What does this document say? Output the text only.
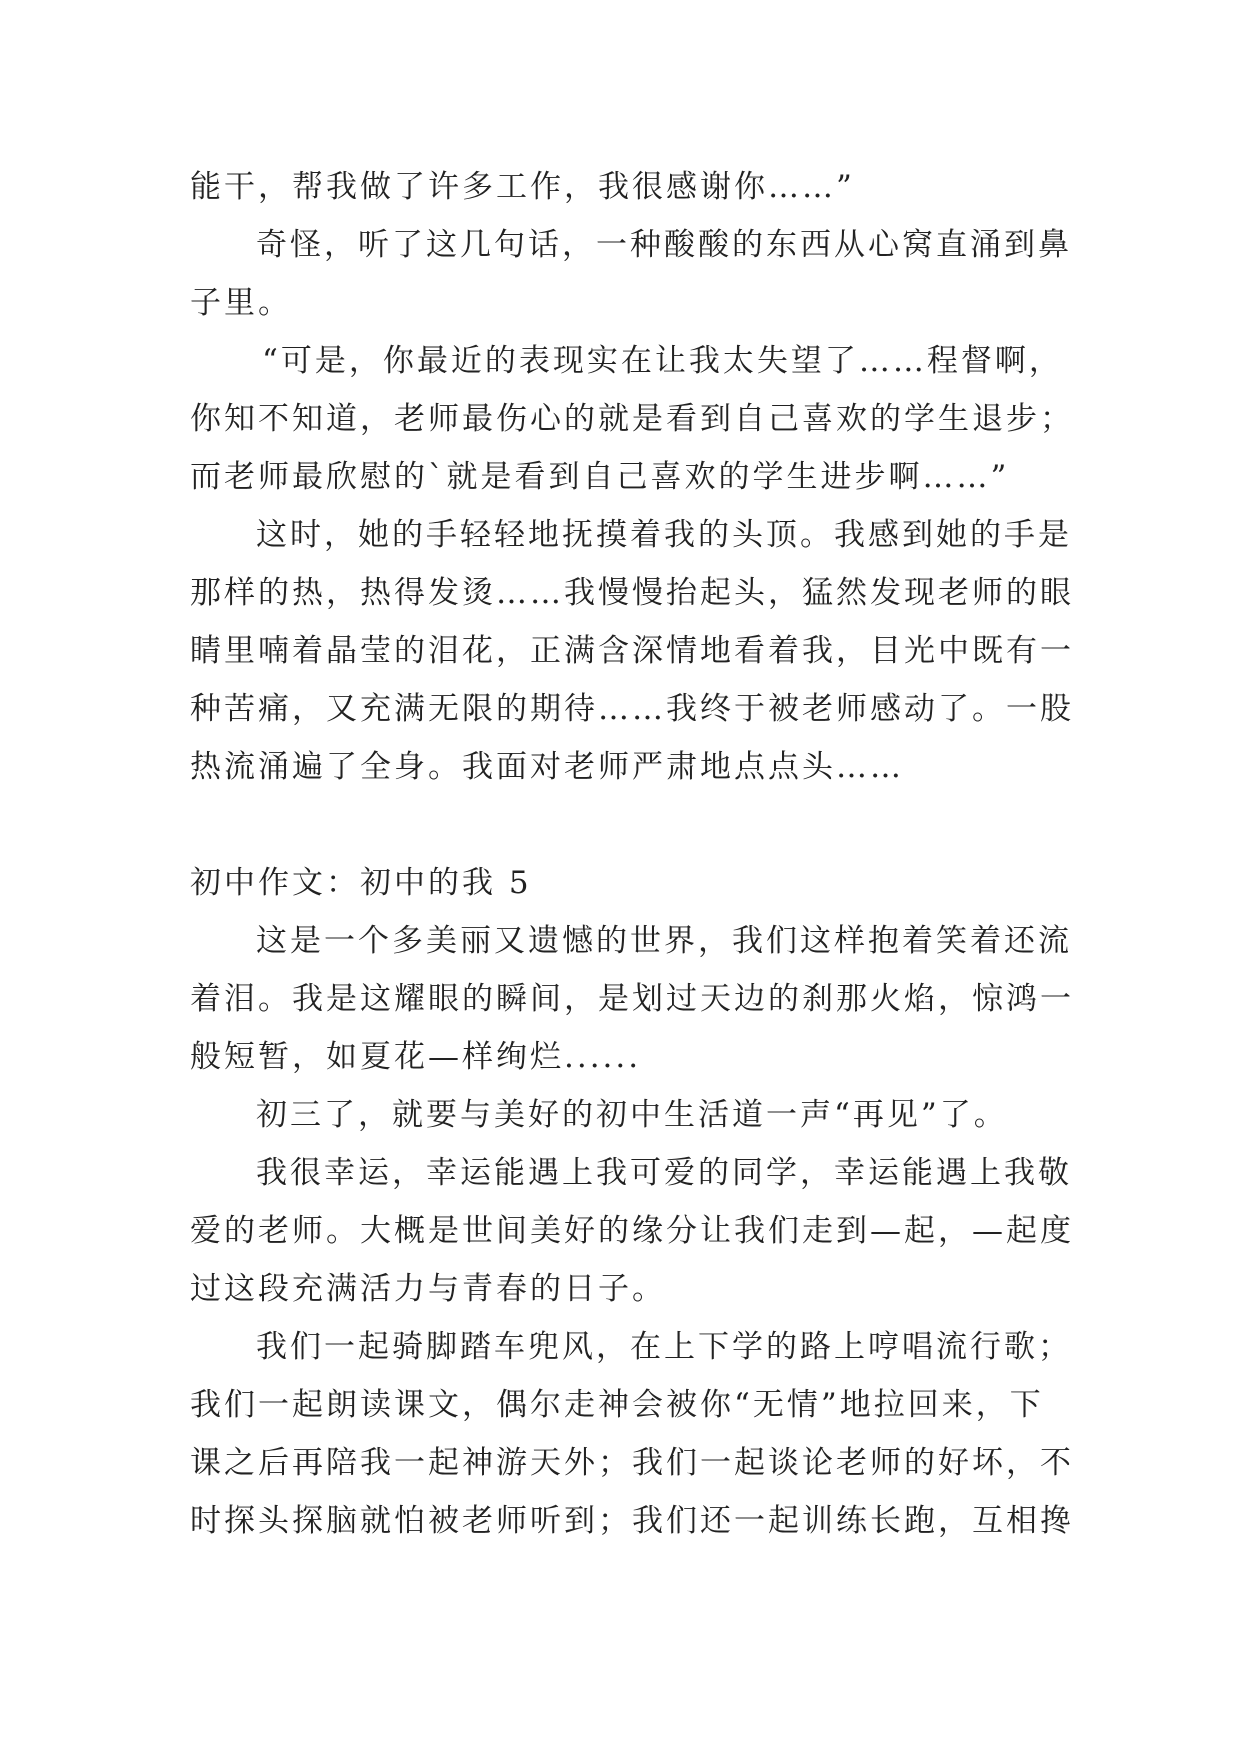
能干，帮我做了许多工作，我很感谢你……”
奇怪，听了这几句话，一种酸酸的东西从心窝直涌到鼻
子里。
“可是，你最近的表现实在让我太失望了……程督啊，
你知不知道，老师最伤心的就是看到自己喜欢的学生退步；
而老师最欣慰的`就是看到自己喜欢的学生进步啊……”
这时，她的手轻轻地抚摸着我的头顶。我感到她的手是
那样的热，热得发烫……我慢慢抬起头，猛然发现老师的眼
睛里喃着晶莹的泪花，正满含深情地看着我，目光中既有一
种苦痛，又充满无限的期待……我终于被老师感动了。一股
热流涌遍了全身。我面对老师严肃地点点头……
初中作文：初中的我 5
这是一个多美丽又遗憾的世界，我们这样抱着笑着还流
着泪。我是这耀眼的瞬间，是划过天边的刹那火焰，惊鸿一
般短暂，如夏花—样绚烂......
初三了，就要与美好的初中生活道一声“再见”了。
我很幸运，幸运能遇上我可爱的同学，幸运能遇上我敬
爱的老师。大概是世间美好的缘分让我们走到—起，—起度
过这段充满活力与青春的日子。
我们一起骑脚踏车兜风，在上下学的路上哼唱流行歌；
我们一起朗读课文，偶尔走神会被你“无情”地拉回来，下
课之后再陪我一起神游天外；我们一起谈论老师的好坏，不
时探头探脑就怕被老师听到；我们还一起训练长跑，互相搀
